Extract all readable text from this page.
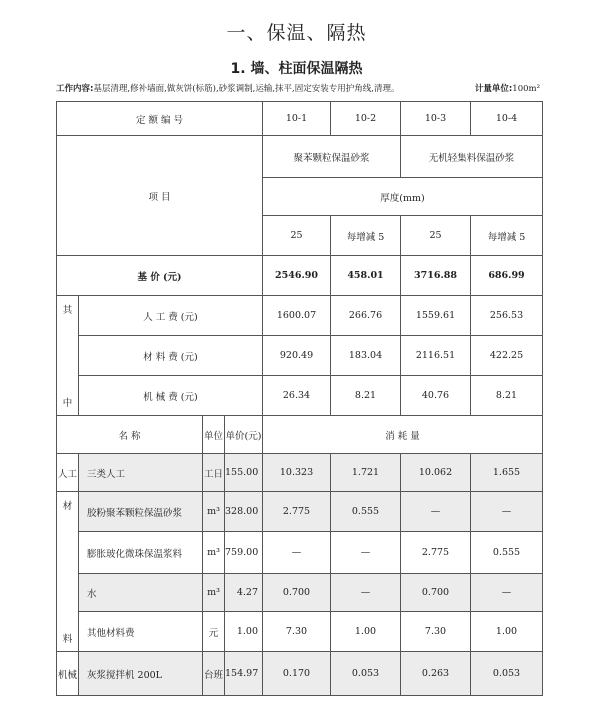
一、保温、隔热
1. 墙、柱面保温隔热
工作内容:基层清理,修补墙面,做灰饼(标筋),砂浆调制,运输,抹平,固定安装专用护角线,清理。	计量单位:100m²
定 额 编 号				10-1	10-2	10-3	10-4
项 目				聚苯颗粒保温砂浆		无机轻集料保温砂浆	
				厚度(mm)			
				25	每增减 5	25	每增减 5
基 价 (元)				2546.90	458.01	3716.88	686.99
其	人 工 费 (元)			1600.07	266.76	1559.61	256.53
	材 料 费 (元)			920.49	183.04	2116.51	422.25
中	机 械 费 (元)			26.34	8.21	40.76	8.21
名 称		单位	单价(元)	消 耗 量			
人工	三类人工	工日	155.00	10.323	1.721	10.062	1.655
材	胶粉聚苯颗粒保温砂浆	m³	328.00	2.775	0.555	—	—
	膨胀玻化微珠保温浆料	m³	759.00	—	—	2.775	0.555
	水	m³	4.27	0.700	—	0.700	—
料	其他材料费	元	1.00	7.30	1.00	7.30	1.00
机械	灰浆搅拌机 200L	台班	154.97	0.170	0.053	0.263	0.053
